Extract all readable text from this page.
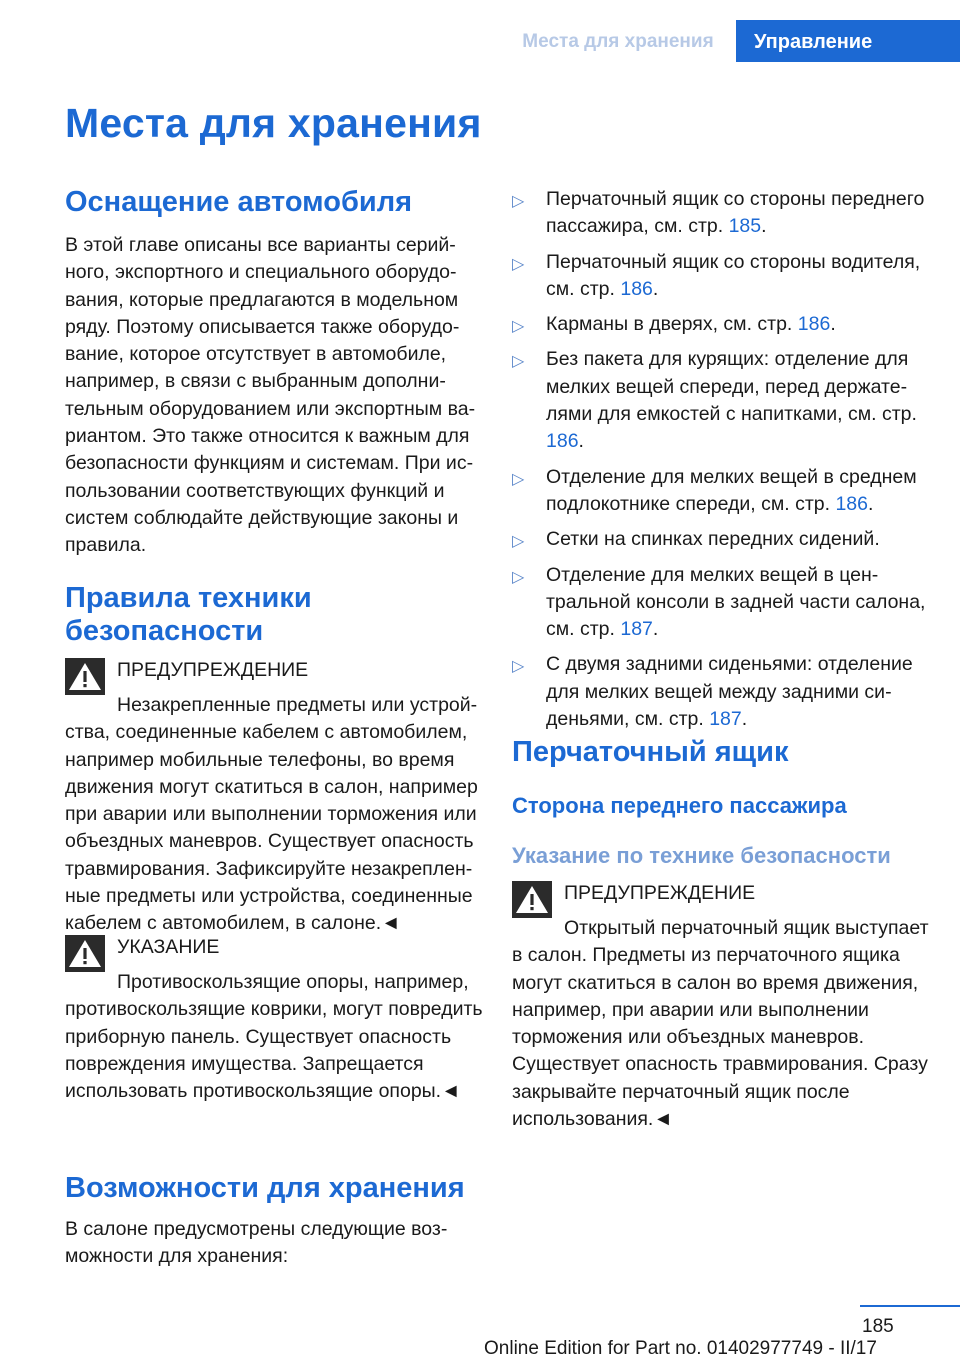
Места для хранения	Управление
Места для хранения
Оснащение автомобиля

В этой главе описаны все варианты серийного, экспортного и специального оборудования, которые предлагаются в модельном ряду. Поэтому описывается также оборудование, которое отсутствует в автомобиле, например, в связи с выбранным дополнительным оборудованием или экспортным вариантом. Это также относится к важным для безопасности функциям и системам. При использовании соответствующих функций и систем соблюдайте действующие законы и правила.

Правила техники безопасности
ПРЕДУПРЕЖДЕНИЕ
Незакрепленные предметы или устройства, соединенные кабелем с автомобилем, например мобильные телефоны, во время движения могут скатиться в салон, например при аварии или выполнении торможения или объездных маневров. Существует опасность травмирования. Зафиксируйте незакрепленные предметы или устройства, соединенные кабелем с автомобилем, в салоне.◄
УКАЗАНИЕ
Противоскользящие опоры, например, противоскользящие коврики, могут повредить приборную панель. Существует опасность повреждения имущества. Запрещается использовать противоскользящие опоры.◄
Возможности для хранения

В салоне предусмотрены следующие возможности для хранения:

▷ Перчаточный ящик со стороны переднего пассажира, см. стр. 185.
▷ Перчаточный ящик со стороны водителя, см. стр. 186.
▷ Карманы в дверях, см. стр. 186.
▷ Без пакета для курящих: отделение для мелких вещей спереди, перед держателями для емкостей с напитками, см. стр. 186.
▷ Отделение для мелких вещей в среднем подлокотнике спереди, см. стр. 186.
▷ Сетки на спинках передних сидений.
▷ Отделение для мелких вещей в центральной консоли в задней части салона, см. стр. 187.
▷ С двумя задними сиденьями: отделение для мелких вещей между задними сиденьями, см. стр. 187.
Перчаточный ящик
Сторона переднего пассажира
Указание по технике безопасности
ПРЕДУПРЕЖДЕНИЕ
Открытый перчаточный ящик выступает в салон. Предметы из перчаточного ящика могут скатиться в салон во время движения, например, при аварии или выполнении торможения или объездных маневров. Существует опасность травмирования. Сразу закрывайте перчаточный ящик после использования.◄
185
Online Edition for Part no. 01402977749 - II/17
